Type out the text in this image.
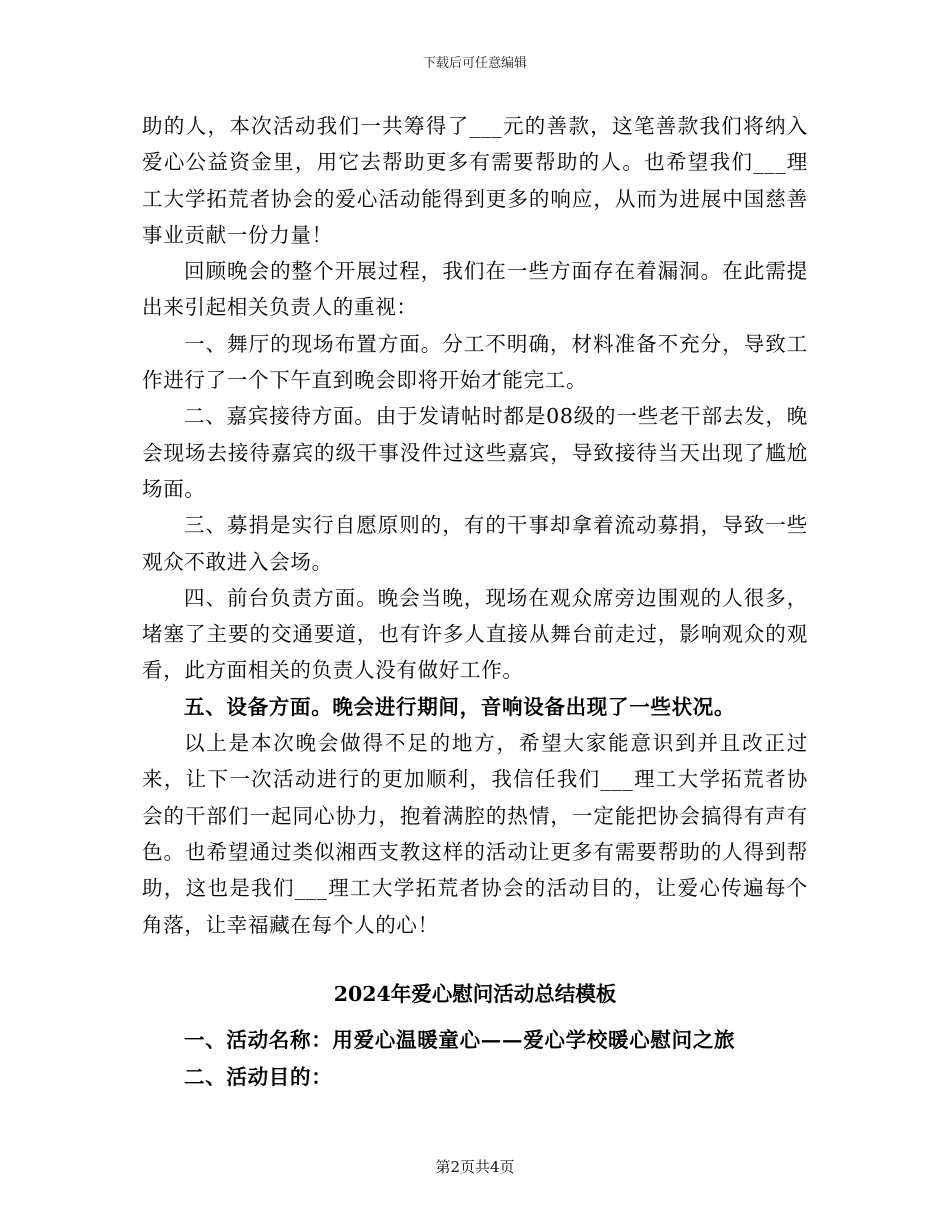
下载后可任意编辑

助的人，本次活动我们一共筹得了___元的善款，这笔善款我们将纳入爱心公益资金里，用它去帮助更多有需要帮助的人。也希望我们___理工大学拓荒者协会的爱心活动能得到更多的响应，从而为进展中国慈善事业贡献一份力量！

回顾晚会的整个开展过程，我们在一些方面存在着漏洞。在此需提出来引起相关负责人的重视：

一、舞厅的现场布置方面。分工不明确，材料准备不充分，导致工作进行了一个下午直到晚会即将开始才能完工。

二、嘉宾接待方面。由于发请帖时都是08级的一些老干部去发，晚会现场去接待嘉宾的级干事没件过这些嘉宾，导致接待当天出现了尴尬场面。

三、募捐是实行自愿原则的，有的干事却拿着流动募捐，导致一些观众不敢进入会场。

四、前台负责方面。晚会当晚，现场在观众席旁边围观的人很多，堵塞了主要的交通要道，也有许多人直接从舞台前走过，影响观众的观看，此方面相关的负责人没有做好工作。

五、设备方面。晚会进行期间，音响设备出现了一些状况。

以上是本次晚会做得不足的地方，希望大家能意识到并且改正过来，让下一次活动进行的更加顺利，我信任我们___理工大学拓荒者协会的干部们一起同心协力，抱着满腔的热情，一定能把协会搞得有声有色。也希望通过类似湘西支教这样的活动让更多有需要帮助的人得到帮助，这也是我们___理工大学拓荒者协会的活动目的，让爱心传遍每个角落，让幸福藏在每个人的心！

2024年爱心慰问活动总结模板

一、活动名称：用爱心温暖童心——爱心学校暖心慰问之旅

二、活动目的：

第2页共4页
